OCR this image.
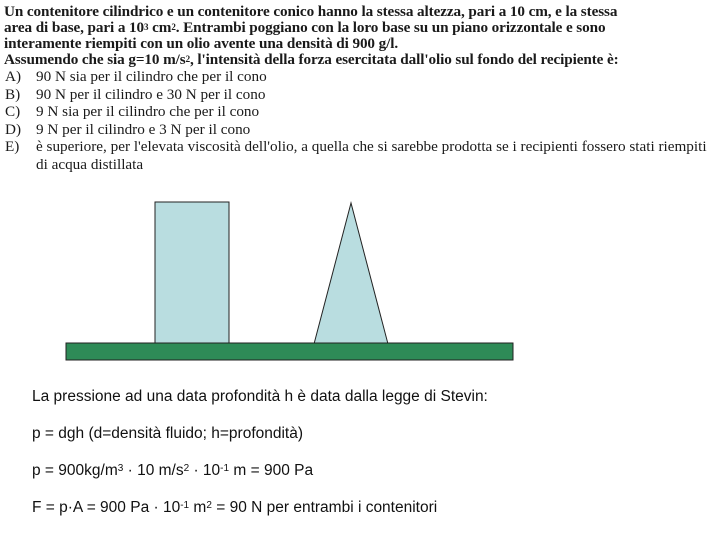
Un contenitore cilindrico e un contenitore conico hanno la stessa altezza, pari a 10 cm, e la stessa
area di base, pari a $10^3$ $cm^2$. Entrambi poggiano con la loro base su un piano orizzontale e sono
interamente riempiti con un olio avente una densità di 900 g/l.
Assumendo che sia g=10 $m/s^2$, l'intensità della forza esercitata dall'olio sul fondo del recipiente è:

A) 90 N sia per il cilindro che per il cono
B)	90 N per il cilindro e 30 N per il cono
C)	9 N sia per il cilindro che per il cono
D) 9 N per il cilindro e 3 N per il cono
E)	è superiore, per l'elevata viscosità dell'olio, a quella che si sarebbe prodotta se i recipienti fossero stati riempiti di acqua distillata

La pressione ad una data profondità h è data dalla legge di Stevin:

p = dgh (d=densità fluido; h=profondità)

$p = 900kg/m^3 \cdot 10$ $m/s^2 \cdot 10^{-1}$ m = 900 Pa

F = p·A = 900 $Pa \cdot 10^{-1}$ $m^2 = 90$ N per entrambi i contenitori
